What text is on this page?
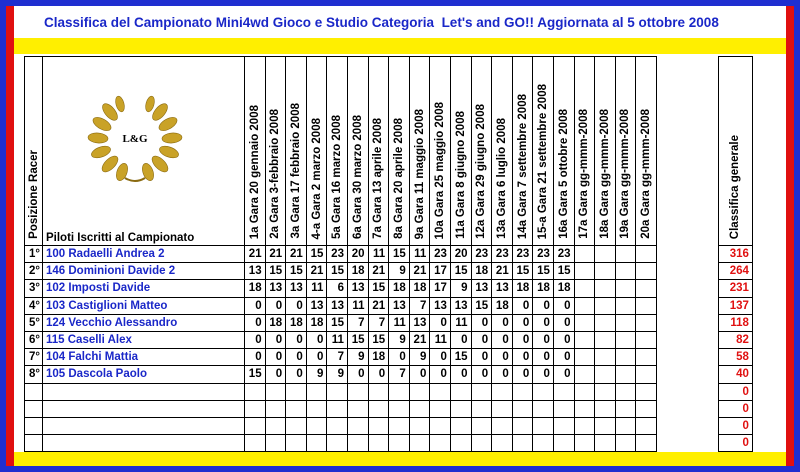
Classifica del Campionato Mini4wd Gioco e Studio Categoria  Let's and GO!! Aggiornata al 5 ottobre 2008
Posizione Racer	Piloti Iscritti al Campionato	1a Gara 20 gennaio 2008	2a Gara 3-febbraio 2008	3a Gara 17 febbraio 2008	4-a Gara 2 marzo 2008	5a Gara 16 marzo 2008	6a Gara 30 marzo 2008	7a Gara 13 aprile 2008	8a Gara 20 aprile 2008	9a Gara 11 maggio 2008	10a Gara 25 maggio 2008	11a Gara 8 giugno 2008	12a Gara 29 giugno 2008	13a Gara 6 luglio 2008	14a Gara 7 settembre 2008	15-a Gara 21 settembre 2008	16a Gara 5 ottobre 2008	17a Gara gg-mmm-2008	18a Gara gg-mmm-2008	19a Gara gg-mmm-2008	20a Gara gg-mmm-2008		Classifica generale
1°	100 Radaelli Andrea 2	21	21	21	15	23	20	11	15	11	23	20	23	23	23	23	23						316
2°	146 Dominioni Davide 2	13	15	15	21	15	18	21	9	21	17	15	18	21	15	15	15						264
3°	102 Imposti Davide	18	13	13	11	6	13	15	18	18	17	9	13	13	18	18	18						231
4°	103 Castiglioni Matteo	0	0	0	13	13	11	21	13	7	13	13	15	18	0	0	0						137
5°	124 Vecchio Alessandro	0	18	18	18	15	7	7	11	13	0	11	0	0	0	0	0						118
6°	115 Caselli Alex	0	0	0	0	11	15	15	9	21	11	0	0	0	0	0	0						82
7°	104 Falchi Mattia	0	0	0	0	7	9	18	0	9	0	15	0	0	0	0	0						58
8°	105 Dascola Paolo	15	0	0	9	9	0	0	7	0	0	0	0	0	0	0	0						40
																							0
																							0
																							0
																							0
L&G
